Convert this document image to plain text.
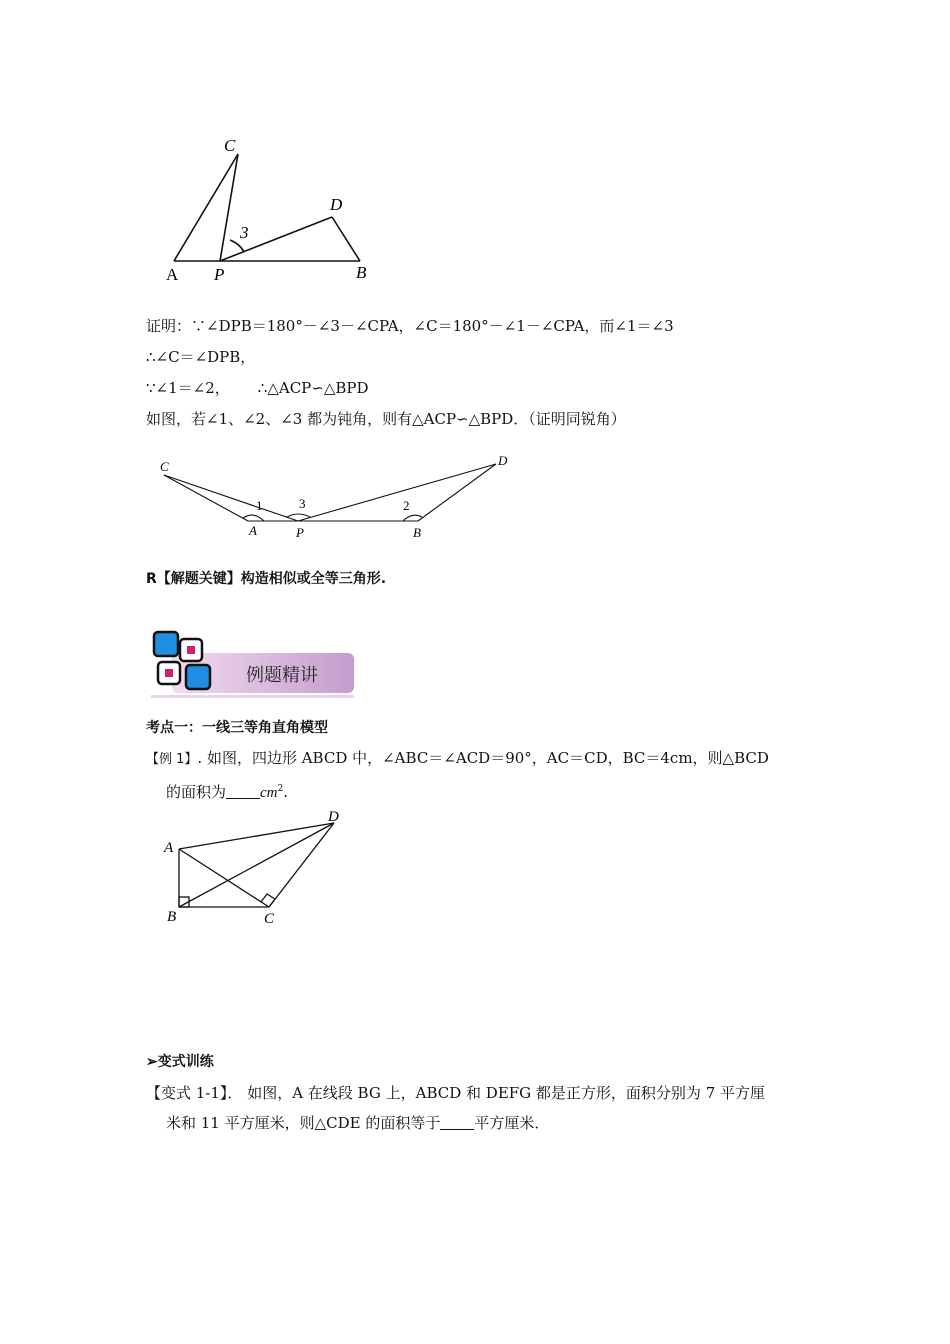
C
D
3
A P	B
证明：∵∠DPB＝180°－∠3－∠CPA，∠C＝180°－∠1－∠CPA，而∠1＝∠3
∴∠C＝∠DPB，
∵∠1＝∠2， ∴△ACP∽△BPD
如图，若∠1、∠2、∠3 都为钝角，则有△ACP∽△BPD．（证明同锐角）
C	D
1	3	2
A	P	B
R【解题关键】构造相似或全等三角形.
例题精讲
考点一：一线三等角直角模型
【例 1】. 如图，四边形 ABCD 中，∠ABC＝∠ACD＝90°，AC＝CD，BC＝4cm，则△BCD
的面积为 $cm^2$.
A
B	C
D
➢变式训练
【变式 1-1】． 如图，A 在线段 BG 上，ABCD 和 DEFG 都是正方形，面积分别为 7 平方厘
米和 11 平方厘米，则△CDE 的面积等于 平方厘米．
